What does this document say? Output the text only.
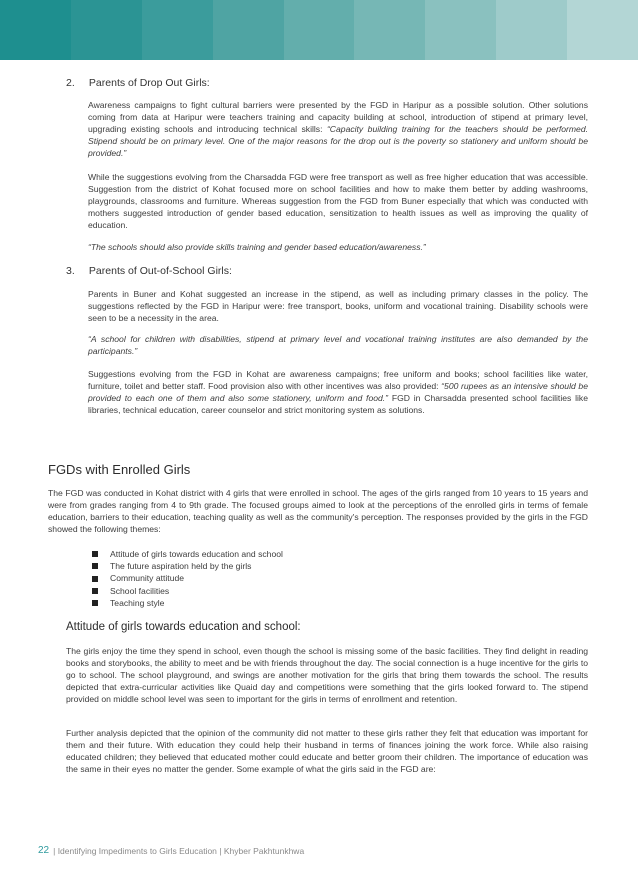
2. Parents of Drop Out Girls:

Awareness campaigns to fight cultural barriers were presented by the FGD in Haripur as a possible solution. Other solutions coming from data at Haripur were teachers training and capacity building at school, introduction of stipend at primary level, upgrading existing schools and introducing technical skills: “Capacity building training for the teachers should be performed. Stipend should be on primary level. One of the major reasons for the drop out is the poverty so stationery and uniform should be provided.”

While the suggestions evolving from the Charsadda FGD were free transport as well as free higher education that was accessible. Suggestion from the district of Kohat focused more on school facilities and how to make them better by adding washrooms, playgrounds, classrooms and furniture. Whereas suggestion from the FGD from Buner especially that which was conducted with mothers suggested introduction of gender based education, sensitization to health issues as well as improving the quality of education.

“The schools should also provide skills training and gender based education/awareness.”

3. Parents of Out-of-School Girls:

Parents in Buner and Kohat suggested an increase in the stipend, as well as including primary classes in the policy. The suggestions reflected by the FGD in Haripur were: free transport, books, uniform and vocational training. Disability schools were seen to be a necessity in the area.

“A school for children with disabilities, stipend at primary level and vocational training institutes are also demanded by the participants.”

Suggestions evolving from the FGD in Kohat are awareness campaigns; free uniform and books; school facilities like water, furniture, toilet and better staff. Food provision also with other incentives was also provided: “500 rupees as an intensive should be provided to each one of them and also some stationery, uniform and food.” FGD in Charsadda presented school facilities like libraries, technical education, career counselor and strict monitoring system as solutions.

FGDs with Enrolled Girls

The FGD was conducted in Kohat district with 4 girls that were enrolled in school. The ages of the girls ranged from 10 years to 15 years and were from grades ranging from 4 to 9th grade. The focused groups aimed to look at the perceptions of the enrolled girls in terms of female education, barriers to their education, teaching quality as well as the community's perception. The responses provided by the girls in the FGD showed the following themes:

Attitude of girls towards education and school
The future aspiration held by the girls
Community attitude
School facilities
Teaching style
Attitude of girls towards education and school:

The girls enjoy the time they spend in school, even though the school is missing some of the basic facilities. They find delight in reading books and storybooks, the ability to meet and be with friends throughout the day. The social connection is a huge incentive for the girls to go to school. The school playground, and swings are another motivation for the girls that bring them towards the school. The results depicted that extra-curricular activities like Quaid day and competitions were something that the girls looked forward to. The stipend provided on middle school level was seen to important for the girls in terms of enrollment and retention.

Further analysis depicted that the opinion of the community did not matter to these girls rather they felt that education was important for them and their future. With education they could help their husband in terms of finances joining the work force. While also raising educated children; they believed that educated mother could educate and better groom their children. The importance of education was the same in their eyes no matter the gender. Some example of what the girls said in the FGD are:

22 | Identifying Impediments to Girls Education | Khyber Pakhtunkhwa
